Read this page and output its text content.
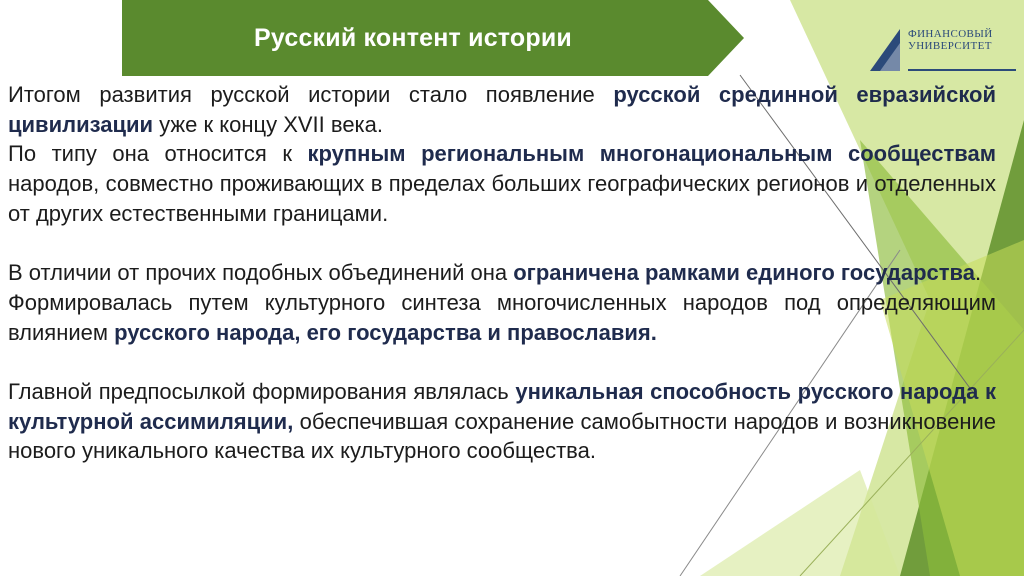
Русский контент истории	ФИНАНСОВЫЙ
УНИВЕРСИТЕТ

Итогом развития русской истории стало появление русской срединной евразийской цивилизации уже к концу XVII века.

По типу она относится к крупным региональным многонациональным сообществам народов, совместно проживающих в пределах больших географических регионов и отделенных от других естественными границами.

В отличии от прочих подобных объединений она ограничена рамками единого государства.

Формировалась путем культурного синтеза многочисленных народов под определяющим влиянием русского народа, его государства и православия.

Главной предпосылкой формирования являлась уникальная способность русского народа к культурной ассимиляции, обеспечившая сохранение самобытности народов и возникновение нового уникального качества их культурного сообщества.
